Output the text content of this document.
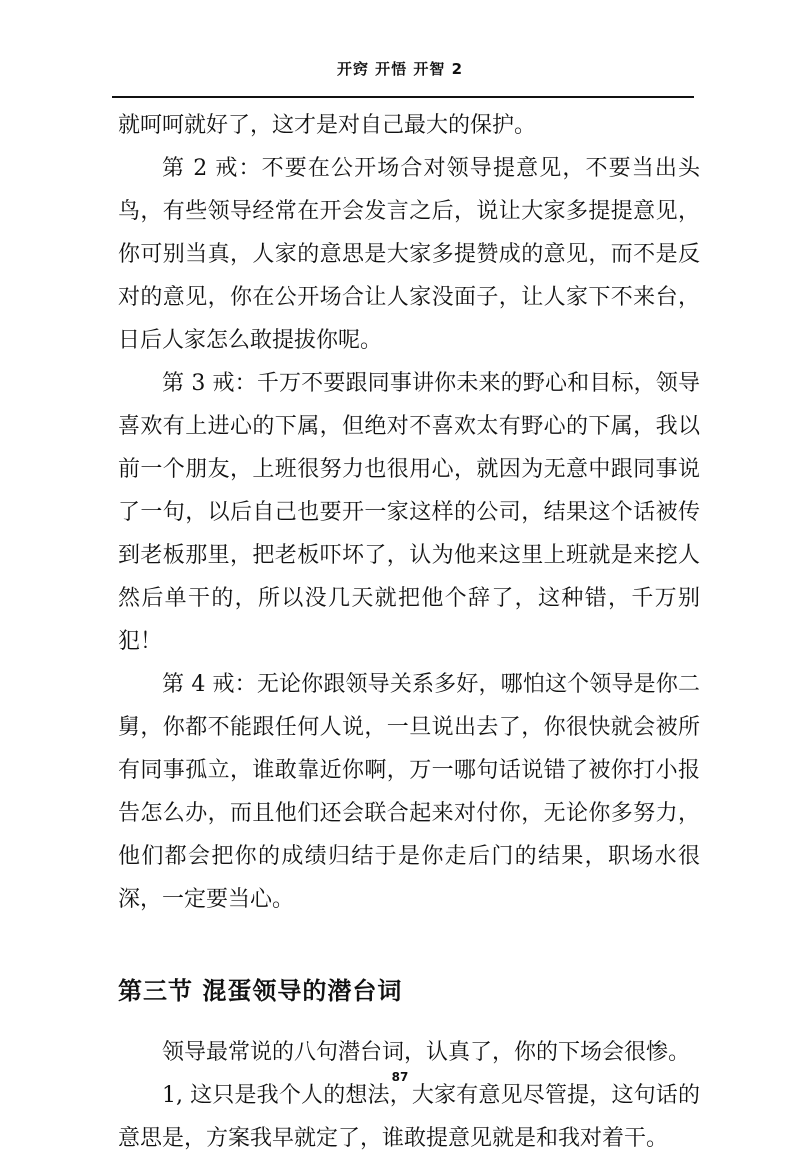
开窍 开悟 开智 2

就呵呵就好了，这才是对自己最大的保护。

第 2 戒：不要在公开场合对领导提意见，不要当出头鸟，有些领导经常在开会发言之后，说让大家多提提意见，你可别当真，人家的意思是大家多提赞成的意见，而不是反对的意见，你在公开场合让人家没面子，让人家下不来台，日后人家怎么敢提拔你呢。

第 3 戒：千万不要跟同事讲你未来的野心和目标，领导喜欢有上进心的下属，但绝对不喜欢太有野心的下属，我以前一个朋友，上班很努力也很用心，就因为无意中跟同事说了一句，以后自己也要开一家这样的公司，结果这个话被传到老板那里，把老板吓坏了，认为他来这里上班就是来挖人然后单干的，所以没几天就把他个辞了，这种错，千万别犯！

第 4 戒：无论你跟领导关系多好，哪怕这个领导是你二舅，你都不能跟任何人说，一旦说出去了，你很快就会被所有同事孤立，谁敢靠近你啊，万一哪句话说错了被你打小报告怎么办，而且他们还会联合起来对付你，无论你多努力，他们都会把你的成绩归结于是你走后门的结果，职场水很深，一定要当心。

第三节 混蛋领导的潜台词

领导最常说的八句潜台词，认真了，你的下场会很惨。

1, 这只是我个人的想法，大家有意见尽管提，这句话的意思是，方案我早就定了，谁敢提意见就是和我对着干。

87
